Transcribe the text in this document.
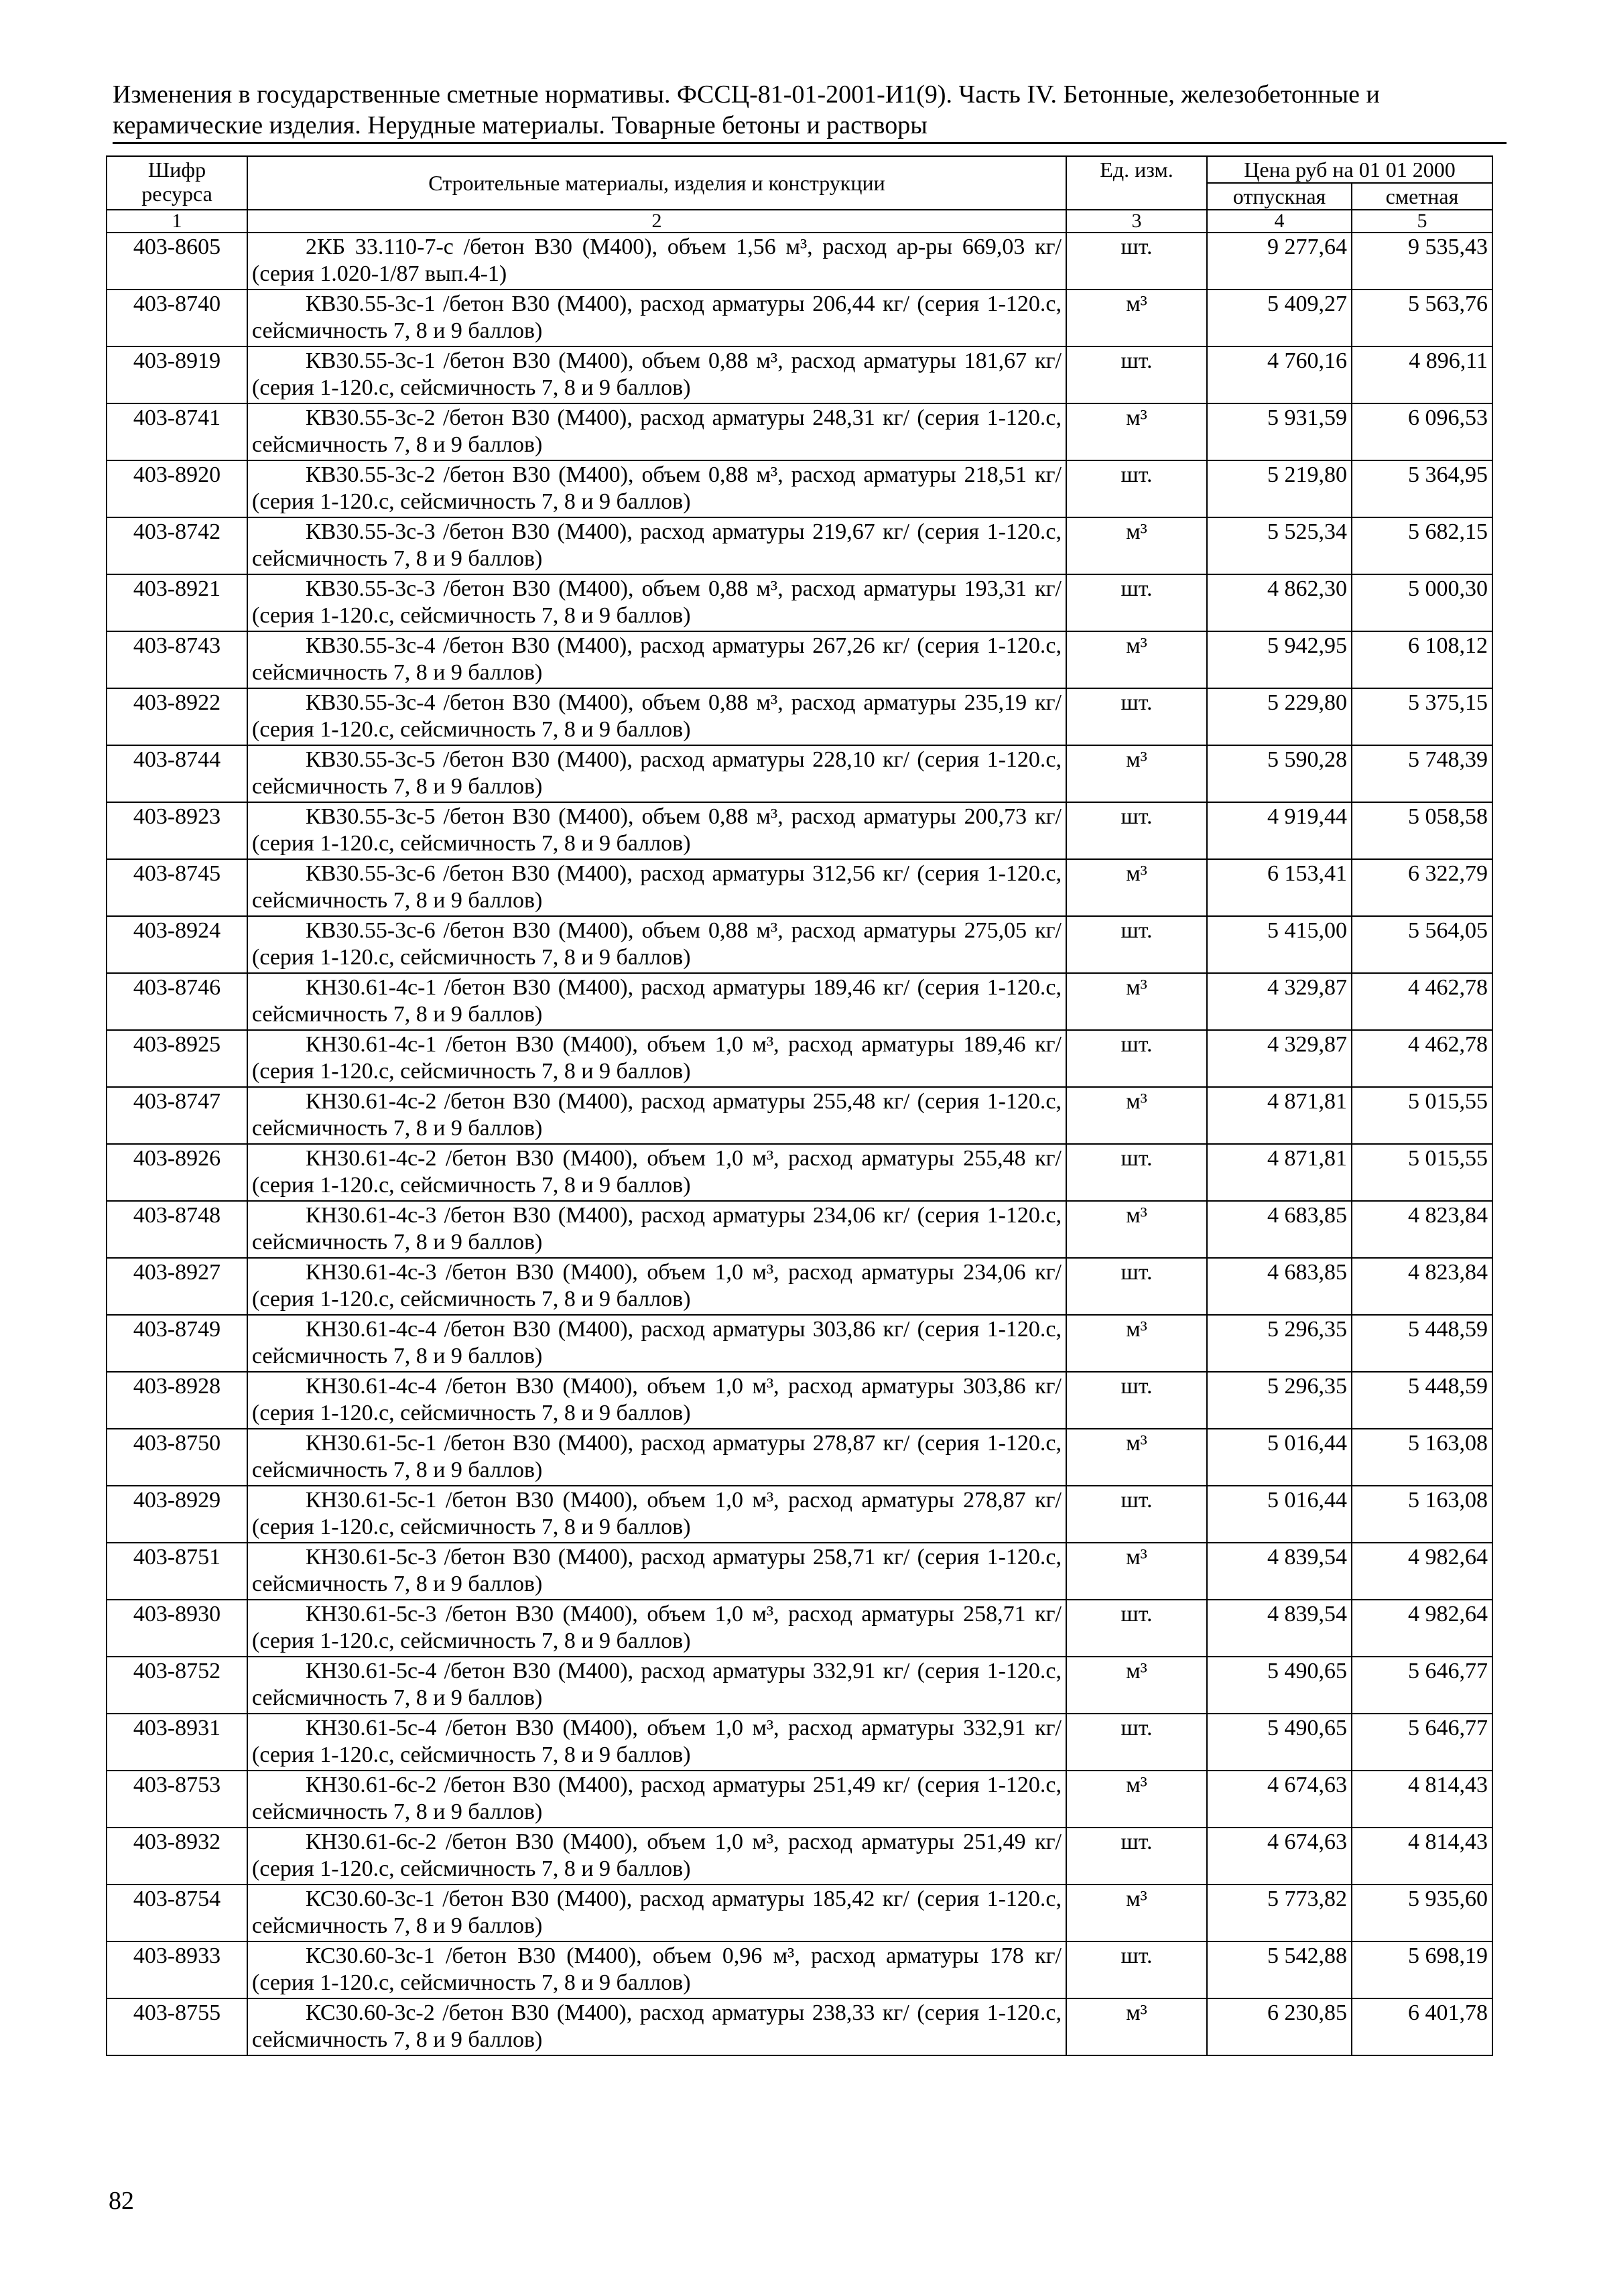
Изменения в государственные сметные нормативы. ФССЦ-81-01-2001-И1(9). Часть IV. Бетонные, железобетонные и
керамические изделия. Нерудные материалы. Товарные бетоны и растворы
Шифр ресурса	Строительные материалы, изделия и конструкции	Ед. изм.	Цена руб на 01 01 2000	
			отпускная	сметная
1	2	3	4	5
403-8605	2КБ 33.110-7-с /бетон В30 (М400), объем 1,56 м³, расход ар-ры 669,03 кг/ (серия 1.020-1/87 вып.4-1)	шт.	9 277,64	9 535,43
403-8740	КВ30.55-3с-1 /бетон В30 (М400), расход арматуры 206,44 кг/ (серия 1-120.с, сейсмичность 7, 8 и 9 баллов)	м³	5 409,27	5 563,76
403-8919	КВ30.55-3с-1 /бетон В30 (М400), объем 0,88 м³, расход арматуры 181,67 кг/ (серия 1-120.с, сейсмичность 7, 8 и 9 баллов)	шт.	4 760,16	4 896,11
403-8741	КВ30.55-3с-2 /бетон В30 (М400), расход арматуры 248,31 кг/ (серия 1-120.с, сейсмичность 7, 8 и 9 баллов)	м³	5 931,59	6 096,53
403-8920	КВ30.55-3с-2 /бетон В30 (М400), объем 0,88 м³, расход арматуры 218,51 кг/ (серия 1-120.с, сейсмичность 7, 8 и 9 баллов)	шт.	5 219,80	5 364,95
403-8742	КВ30.55-3с-3 /бетон В30 (М400), расход арматуры 219,67 кг/ (серия 1-120.с, сейсмичность 7, 8 и 9 баллов)	м³	5 525,34	5 682,15
403-8921	КВ30.55-3с-3 /бетон В30 (М400), объем 0,88 м³, расход арматуры 193,31 кг/ (серия 1-120.с, сейсмичность 7, 8 и 9 баллов)	шт.	4 862,30	5 000,30
403-8743	КВ30.55-3с-4 /бетон В30 (М400), расход арматуры 267,26 кг/ (серия 1-120.с, сейсмичность 7, 8 и 9 баллов)	м³	5 942,95	6 108,12
403-8922	КВ30.55-3с-4 /бетон В30 (М400), объем 0,88 м³, расход арматуры 235,19 кг/ (серия 1-120.с, сейсмичность 7, 8 и 9 баллов)	шт.	5 229,80	5 375,15
403-8744	КВ30.55-3с-5 /бетон В30 (М400), расход арматуры 228,10 кг/ (серия 1-120.с, сейсмичность 7, 8 и 9 баллов)	м³	5 590,28	5 748,39
403-8923	КВ30.55-3с-5 /бетон В30 (М400), объем 0,88 м³, расход арматуры 200,73 кг/ (серия 1-120.с, сейсмичность 7, 8 и 9 баллов)	шт.	4 919,44	5 058,58
403-8745	КВ30.55-3с-6 /бетон В30 (М400), расход арматуры 312,56 кг/ (серия 1-120.с, сейсмичность 7, 8 и 9 баллов)	м³	6 153,41	6 322,79
403-8924	КВ30.55-3с-6 /бетон В30 (М400), объем 0,88 м³, расход арматуры 275,05 кг/ (серия 1-120.с, сейсмичность 7, 8 и 9 баллов)	шт.	5 415,00	5 564,05
403-8746	КН30.61-4с-1 /бетон В30 (М400), расход арматуры 189,46 кг/ (серия 1-120.с, сейсмичность 7, 8 и 9 баллов)	м³	4 329,87	4 462,78
403-8925	КН30.61-4с-1 /бетон В30 (М400), объем 1,0 м³, расход арматуры 189,46 кг/ (серия 1-120.с, сейсмичность 7, 8 и 9 баллов)	шт.	4 329,87	4 462,78
403-8747	КН30.61-4с-2 /бетон В30 (М400), расход арматуры 255,48 кг/ (серия 1-120.с, сейсмичность 7, 8 и 9 баллов)	м³	4 871,81	5 015,55
403-8926	КН30.61-4с-2 /бетон В30 (М400), объем 1,0 м³, расход арматуры 255,48 кг/ (серия 1-120.с, сейсмичность 7, 8 и 9 баллов)	шт.	4 871,81	5 015,55
403-8748	КН30.61-4с-3 /бетон В30 (М400), расход арматуры 234,06 кг/ (серия 1-120.с, сейсмичность 7, 8 и 9 баллов)	м³	4 683,85	4 823,84
403-8927	КН30.61-4с-3 /бетон В30 (М400), объем 1,0 м³, расход арматуры 234,06 кг/ (серия 1-120.с, сейсмичность 7, 8 и 9 баллов)	шт.	4 683,85	4 823,84
403-8749	КН30.61-4с-4 /бетон В30 (М400), расход арматуры 303,86 кг/ (серия 1-120.с, сейсмичность 7, 8 и 9 баллов)	м³	5 296,35	5 448,59
403-8928	КН30.61-4с-4 /бетон В30 (М400), объем 1,0 м³, расход арматуры 303,86 кг/ (серия 1-120.с, сейсмичность 7, 8 и 9 баллов)	шт.	5 296,35	5 448,59
403-8750	КН30.61-5с-1 /бетон В30 (М400), расход арматуры 278,87 кг/ (серия 1-120.с, сейсмичность 7, 8 и 9 баллов)	м³	5 016,44	5 163,08
403-8929	КН30.61-5с-1 /бетон В30 (М400), объем 1,0 м³, расход арматуры 278,87 кг/ (серия 1-120.с, сейсмичность 7, 8 и 9 баллов)	шт.	5 016,44	5 163,08
403-8751	КН30.61-5с-3 /бетон В30 (М400), расход арматуры 258,71 кг/ (серия 1-120.с, сейсмичность 7, 8 и 9 баллов)	м³	4 839,54	4 982,64
403-8930	КН30.61-5с-3 /бетон В30 (М400), объем 1,0 м³, расход арматуры 258,71 кг/ (серия 1-120.с, сейсмичность 7, 8 и 9 баллов)	шт.	4 839,54	4 982,64
403-8752	КН30.61-5с-4 /бетон В30 (М400), расход арматуры 332,91 кг/ (серия 1-120.с, сейсмичность 7, 8 и 9 баллов)	м³	5 490,65	5 646,77
403-8931	КН30.61-5с-4 /бетон В30 (М400), объем 1,0 м³, расход арматуры 332,91 кг/ (серия 1-120.с, сейсмичность 7, 8 и 9 баллов)	шт.	5 490,65	5 646,77
403-8753	КН30.61-6с-2 /бетон В30 (М400), расход арматуры 251,49 кг/ (серия 1-120.с, сейсмичность 7, 8 и 9 баллов)	м³	4 674,63	4 814,43
403-8932	КН30.61-6с-2 /бетон В30 (М400), объем 1,0 м³, расход арматуры 251,49 кг/ (серия 1-120.с, сейсмичность 7, 8 и 9 баллов)	шт.	4 674,63	4 814,43
403-8754	КС30.60-3с-1 /бетон В30 (М400), расход арматуры 185,42 кг/ (серия 1-120.с, сейсмичность 7, 8 и 9 баллов)	м³	5 773,82	5 935,60
403-8933	КС30.60-3с-1 /бетон В30 (М400), объем 0,96 м³, расход арматуры 178 кг/ (серия 1-120.с, сейсмичность 7, 8 и 9 баллов)	шт.	5 542,88	5 698,19
403-8755	КС30.60-3с-2 /бетон В30 (М400), расход арматуры 238,33 кг/ (серия 1-120.с, сейсмичность 7, 8 и 9 баллов)	м³	6 230,85	6 401,78
82
